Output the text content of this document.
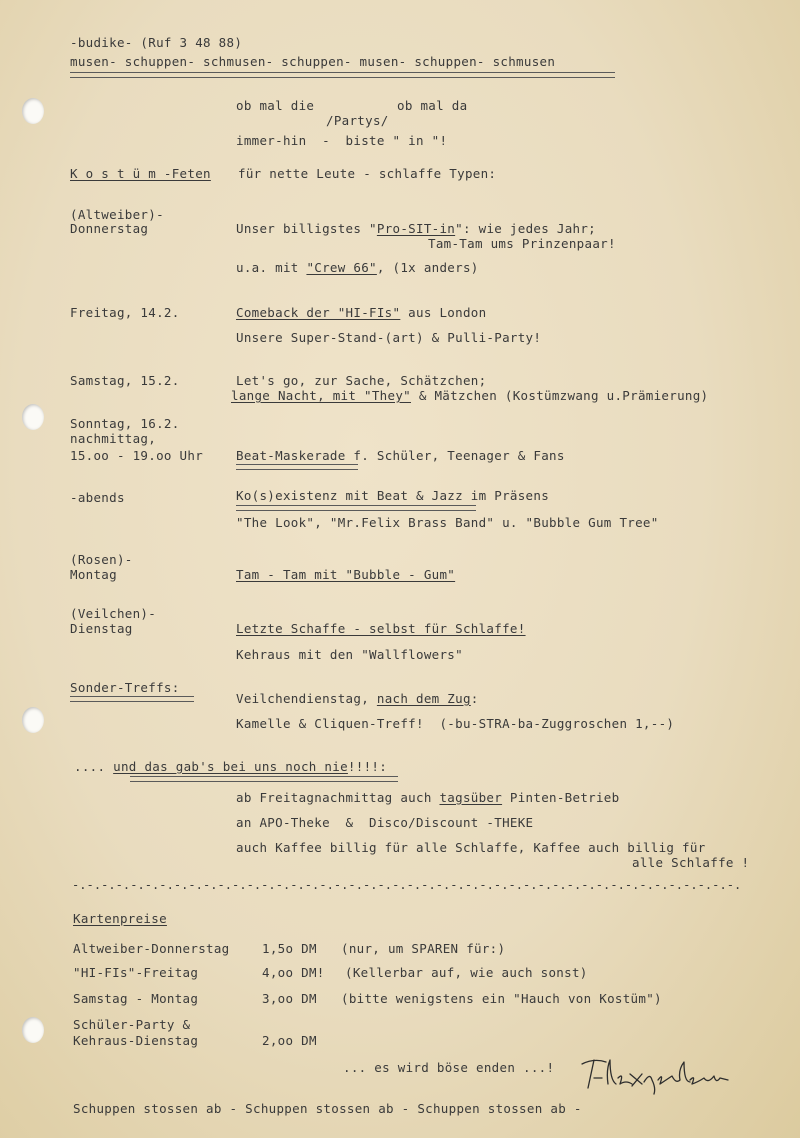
-budike- (Ruf 3 48 88)
musen- schuppen- schmusen- schuppen- musen- schuppen- schmusen
ob mal die	ob mal da
/Partys/
immer-hin  -  biste " in "!
K o s t ü m -Feten für nette Leute - schlaffe Typen:
(Altweiber)-
Donnerstag	Unser billigstes "Pro-SIT-in": wie jedes Jahr;
Tam-Tam ums Prinzenpaar!
u.a. mit "Crew 66", (1x anders)
Freitag, 14.2.	Comeback der "HI-FIs" aus London
Unsere Super-Stand-(art) & Pulli-Party!
Samstag, 15.2.	Let's go, zur Sache, Schätzchen;
lange Nacht, mit "They" & Mätzchen (Kostümzwang u.Prämierung)
Sonntag, 16.2.
nachmittag,
15.oo - 19.oo Uhr	Beat-Maskerade f. Schüler, Teenager & Fans
-abends	Ko(s)existenz mit Beat & Jazz im Präsens
"The Look", "Mr.Felix Brass Band" u. "Bubble Gum Tree"
(Rosen)-
Montag	Tam - Tam mit "Bubble - Gum"
(Veilchen)-
Dienstag	Letzte Schaffe - selbst für Schlaffe!
Kehraus mit den "Wallflowers"
Sonder-Treffs:
Veilchendienstag, nach dem Zug:
Kamelle & Cliquen-Treff!  (-bu-STRA-ba-Zuggroschen 1,--)
.... und das gab's bei uns noch nie!!!!:
ab Freitagnachmittag auch tagsüber Pinten-Betrieb
an APO-Theke  &  Disco/Discount -THEKE
auch Kaffee billig für alle Schlaffe, Kaffee auch billig für
alle Schlaffe !
-.-.-.-.-.-.-.-.-.-.-.-.-.-.-.-.-.-.-.-.-.-.-.-.-.-.-.-.-.-.-.-.-.-.-.-.-.-.-.-.-.-.-.-.-.-.
Kartenpreise
Altweiber-Donnerstag	1,5o DM (nur, um SPAREN für:)
"HI-FIs"-Freitag	4,oo DM! (Kellerbar auf, wie auch sonst)
Samstag - Montag	3,oo DM (bitte wenigstens ein "Hauch von Kostüm")
Schüler-Party &
Kehraus-Dienstag	2,oo DM
... es wird böse enden ...!
Schuppen stossen ab - Schuppen stossen ab - Schuppen stossen ab -
